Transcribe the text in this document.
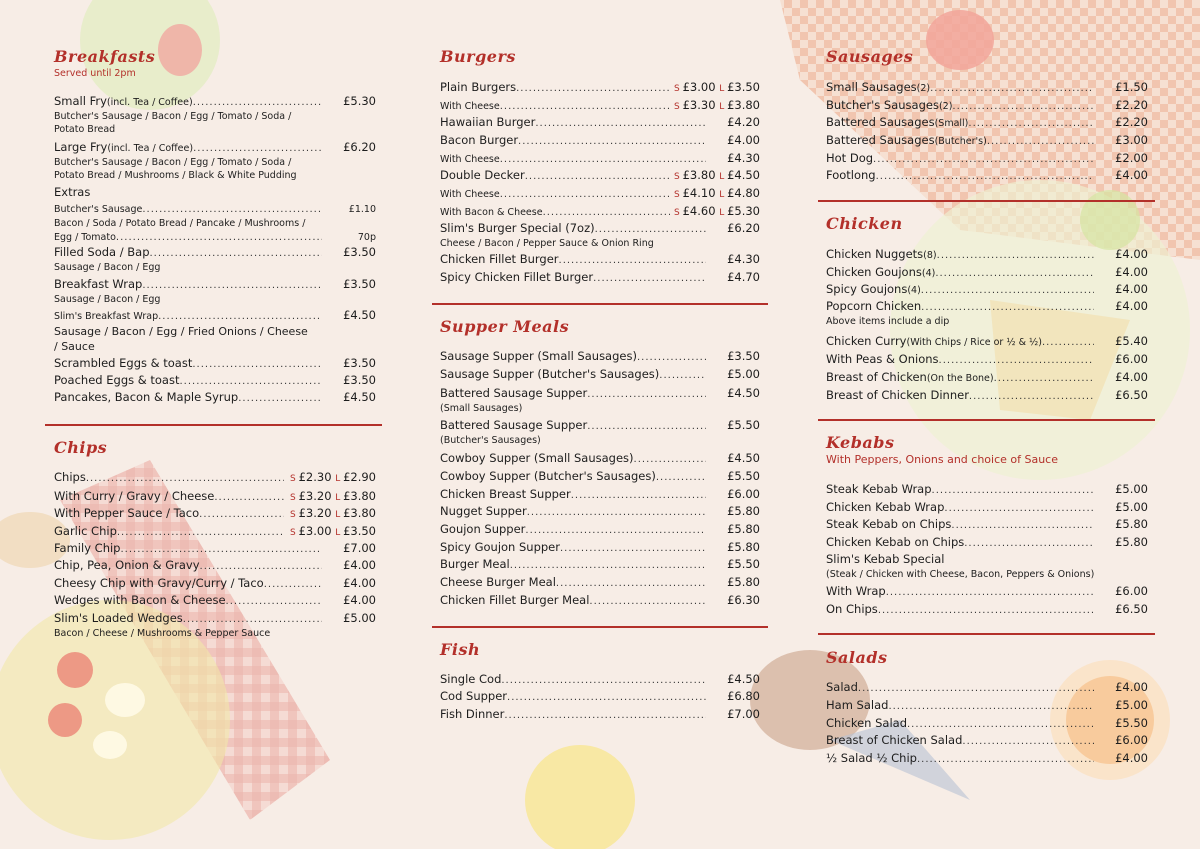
Breakfasts
Served until 2pm
Chips
Burgers
Supper Meals
Fish
Sausages
Chicken
Kebabs
With Peppers, Onions and choice of Sauce
Salads
Small Fry (incl. Tea / Coffee) .....	£5.30
Butcher's Sausage / Bacon / Egg / Tomato / Soda / Potato Bread
Large Fry (incl. Tea / Coffee) .....	£6.20
Butcher's Sausage / Bacon / Egg / Tomato / Soda / Potato Bread / Mushrooms / Black & White Pudding
Extras
Butcher's Sausage .....	£1.10
Bacon / Soda / Potato Bread / Pancake / Mushrooms /
Egg / Tomato .....	70p
Filled Soda / Bap .....	£3.50
Sausage / Bacon / Egg
Breakfast Wrap .....	£3.50
Sausage / Bacon / Egg
Slim's Breakfast Wrap .....	£4.50
Sausage / Bacon / Egg / Fried Onions / Cheese / Sauce
Scrambled Eggs & toast .....	£3.50
Poached Eggs & toast .....	£3.50
Pancakes, Bacon & Maple Syrup .....	£4.50
Chips .....	S £2.30 L £2.90
With Curry / Gravy / Cheese .....	S £3.20 L £3.80
With Pepper Sauce / Taco .....	S £3.20 L £3.80
Garlic Chip .....	S £3.00 L £3.50
Family Chip .....	£7.00
Chip, Pea, Onion & Gravy .....	£4.00
Cheesy Chip with Gravy/Curry / Taco .....	£4.00
Wedges with Bacon & Cheese .....	£4.00
Slim's Loaded Wedges .....	£5.00
Bacon / Cheese / Mushrooms & Pepper Sauce
Plain Burgers .....	S £3.00 L £3.50
With Cheese .....	S £3.30 L £3.80
Hawaiian Burger .....	£4.20
Bacon Burger .....	£4.00
With Cheese .....	£4.30
Double Decker .....	S £3.80 L £4.50
With Cheese .....	S £4.10 L £4.80
With Bacon & Cheese .....	S £4.60 L £5.30
Slim's Burger Special (7oz) .....	£6.20
Cheese / Bacon / Pepper Sauce & Onion Ring
Chicken Fillet Burger .....	£4.30
Spicy Chicken Fillet Burger .....	£4.70
Sausage Supper (Small Sausages) .....	£3.50
Sausage Supper (Butcher's Sausages) .....	£5.00
Battered Sausage Supper .....	£4.50
(Small Sausages)
Battered Sausage Supper .....	£5.50
(Butcher's Sausages)
Cowboy Supper (Small Sausages) .....	£4.50
Cowboy Supper (Butcher's Sausages) .....	£5.50
Chicken Breast Supper .....	£6.00
Nugget Supper .....	£5.80
Goujon Supper .....	£5.80
Spicy Goujon Supper .....	£5.80
Burger Meal .....	£5.50
Cheese Burger Meal .....	£5.80
Chicken Fillet Burger Meal .....	£6.30
Single Cod .....	£4.50
Cod Supper .....	£6.80
Fish Dinner .....	£7.00
Small Sausages (2) .....	£1.50
Butcher's Sausages (2) .....	£2.20
Battered Sausages (Small) .....	£2.20
Battered Sausages (Butcher's) .....	£3.00
Hot Dog .....	£2.00
Footlong .....	£4.00
Chicken Nuggets (8) .....	£4.00
Chicken Goujons (4) .....	£4.00
Spicy Goujons (4) .....	£4.00
Popcorn Chicken .....	£4.00
Above items include a dip
Chicken Curry (With Chips / Rice or ½ & ½) .....	£5.40
With Peas & Onions .....	£6.00
Breast of Chicken (On the Bone) .....	£4.00
Breast of Chicken Dinner .....	£6.50
Steak Kebab Wrap .....	£5.00
Chicken Kebab Wrap .....	£5.00
Steak Kebab on Chips .....	£5.80
Chicken Kebab on Chips .....	£5.80
Slim's Kebab Special
(Steak / Chicken with Cheese, Bacon, Peppers & Onions)
With Wrap .....	£6.00
On Chips .....	£6.50
Salad .....	£4.00
Ham Salad .....	£5.00
Chicken Salad .....	£5.50
Breast of Chicken Salad .....	£6.00
½ Salad ½ Chip .....	£4.00
